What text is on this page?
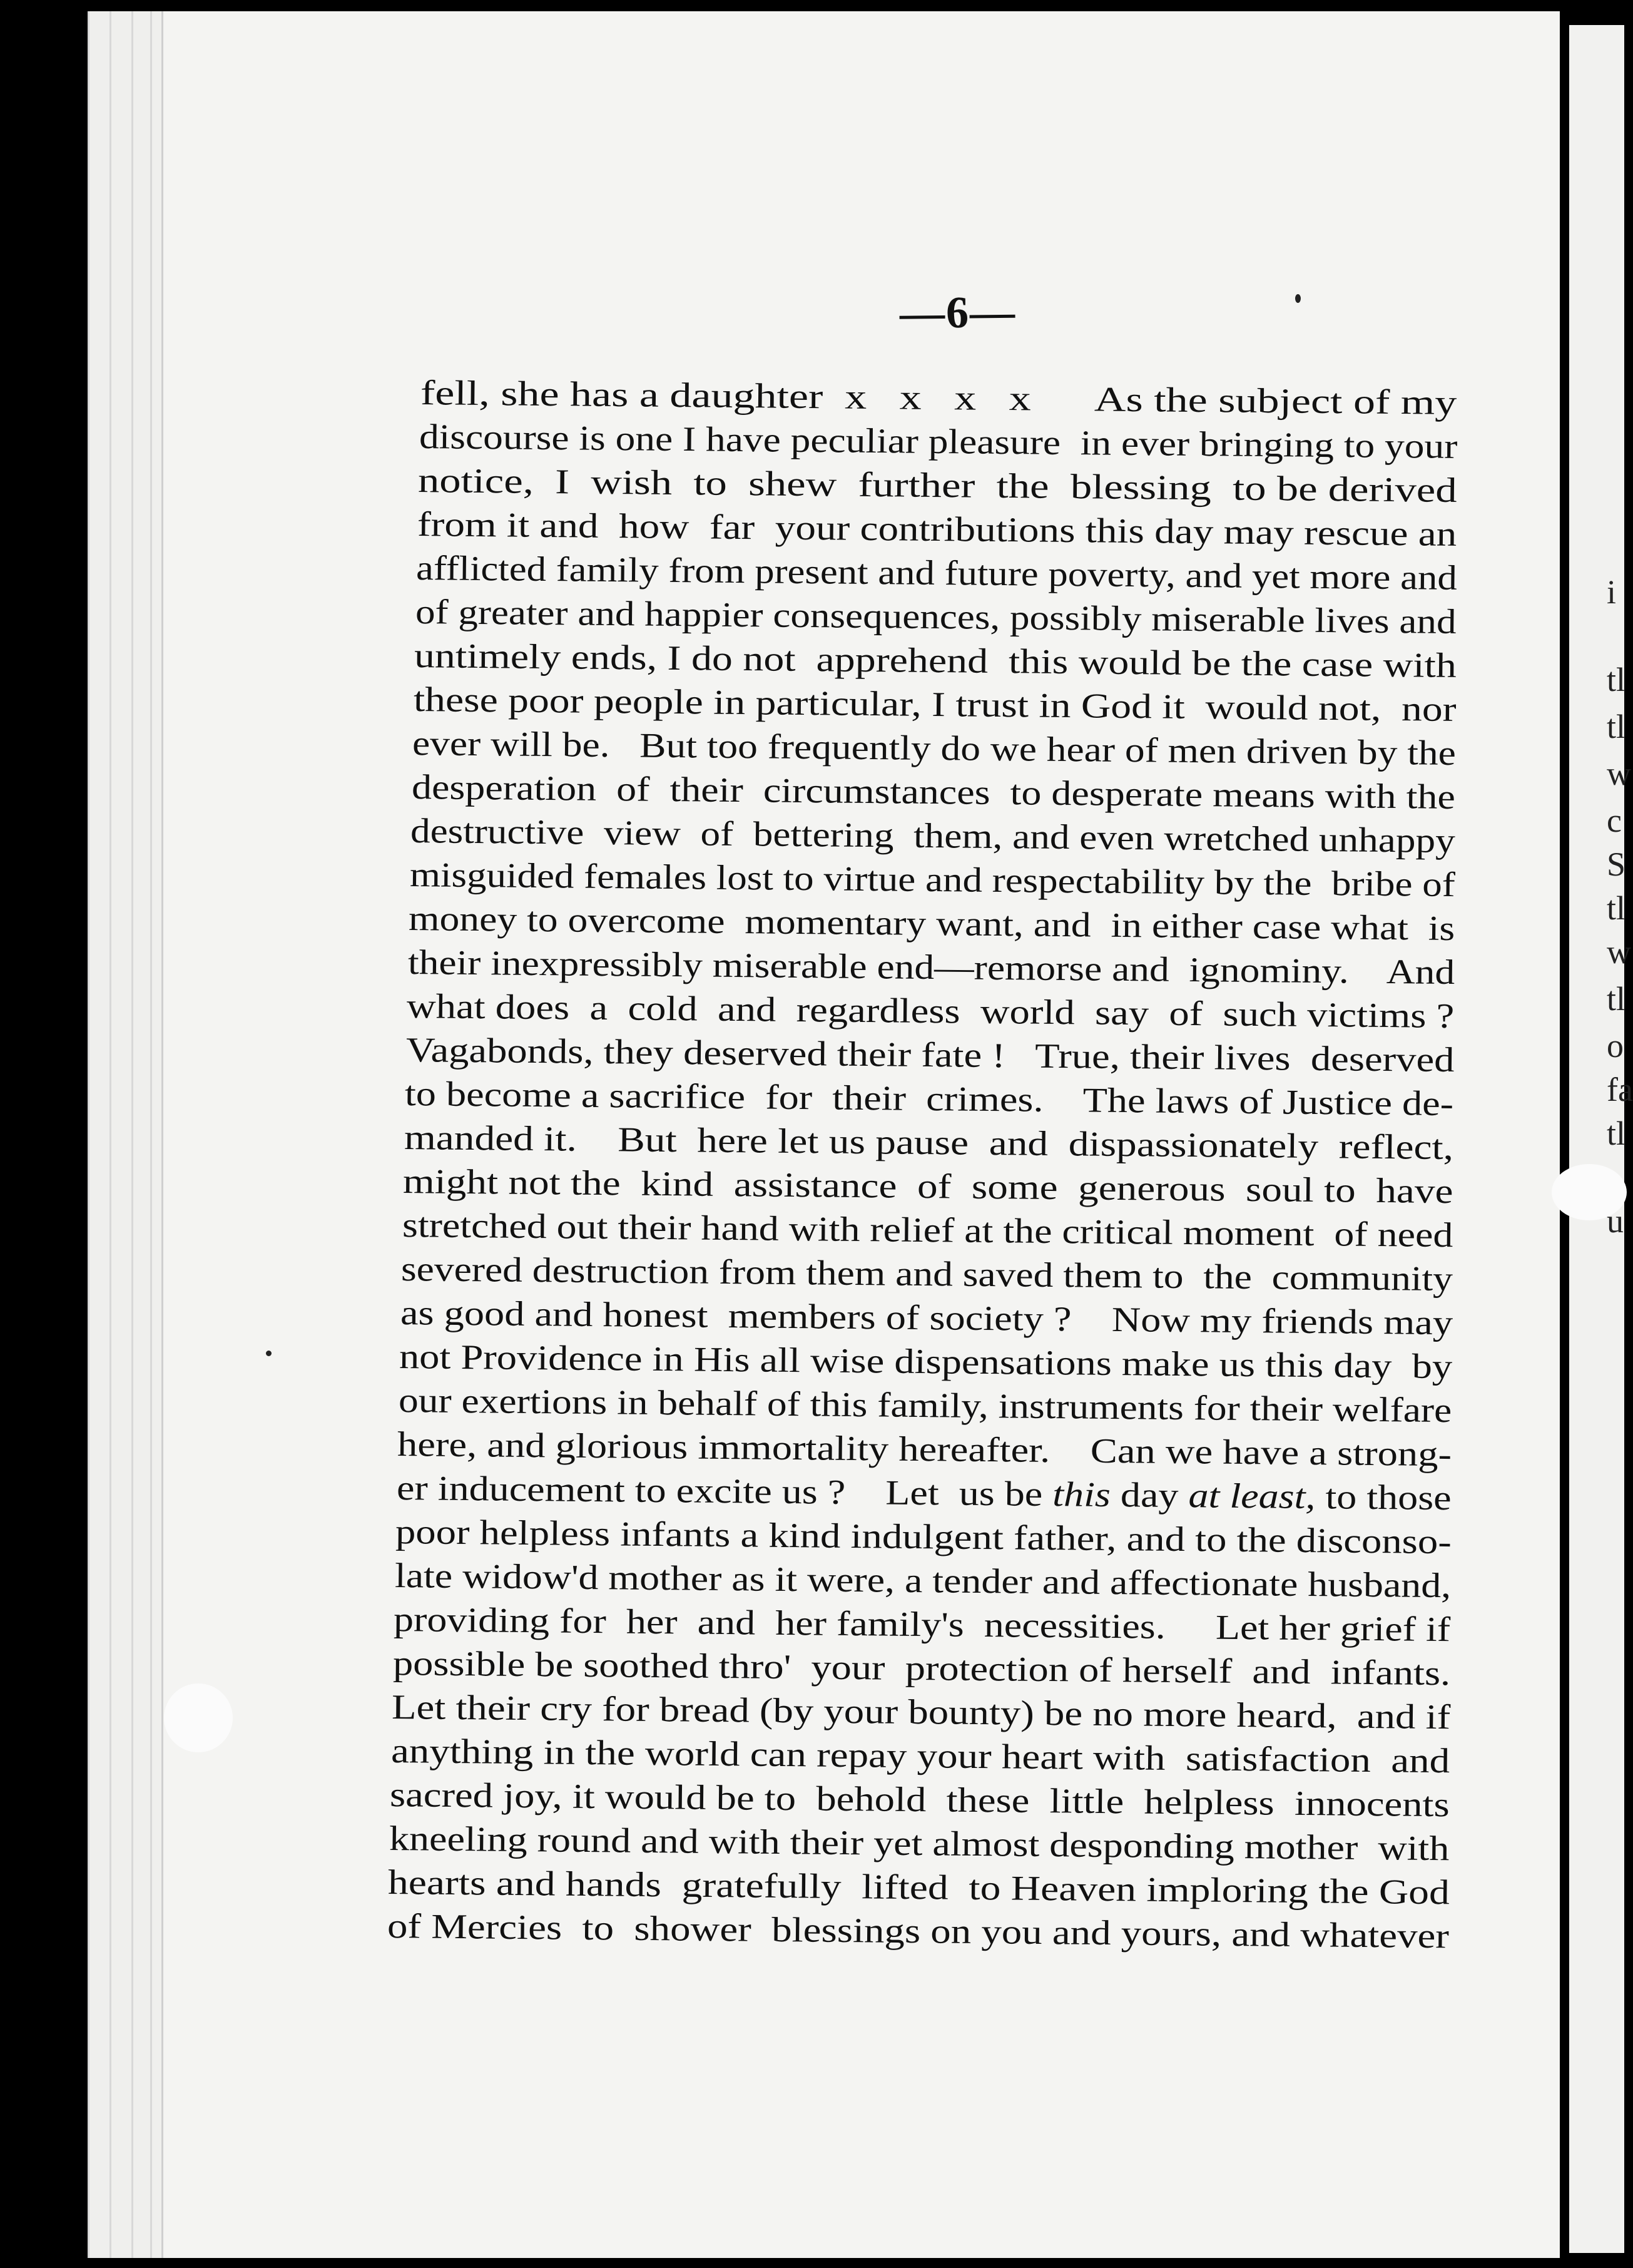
i
tl
tl
w
c
S
tl
w
tl
o
fa
tl
u
—6—
fell, she has a daughter  x   x   x   x      As the subject of my
discourse is one I have peculiar pleasure  in ever bringing to your
notice,  I  wish  to  shew  further  the  blessing  to be derived
from it and  how  far  your contributions this day may rescue an
afflicted family from present and future poverty, and yet more and
of greater and happier consequences, possibly miserable lives and
untimely ends, I do not  apprehend  this would be the case with
these poor people in particular, I trust in God it  would not,  nor
ever will be.   But too frequently do we hear of men driven by the
desperation  of  their  circumstances  to desperate means with the
destructive  view  of  bettering  them, and even wretched unhappy
misguided females lost to virtue and respectability by the  bribe of
money to overcome  momentary want, and  in either case what  is
their inexpressibly miserable end—remorse and  ignominy.    And
what does  a  cold  and  regardless  world  say  of  such victims ?
Vagabonds, they deserved their fate !   True, their lives  deserved
to become a sacrifice  for  their  crimes.    The laws of Justice de-
manded it.    But  here let us pause  and  dispassionately  reflect,
might not the  kind  assistance  of  some  generous  soul to  have
stretched out their hand with relief at the critical moment  of need
severed destruction from them and saved them to  the  community
as good and honest  members of society ?    Now my friends may
not Providence in His all wise dispensations make us this day  by
our exertions in behalf of this family, instruments for their welfare
here, and glorious immortality hereafter.    Can we have a strong-
er inducement to excite us ?    Let  us be this day at least, to those
poor helpless infants a kind indulgent father, and to the disconso-
late widow'd mother as it were, a tender and affectionate husband,
providing for  her  and  her family's  necessities.     Let her grief if
possible be soothed thro'  your  protection of herself  and  infants.
Let their cry for bread (by your bounty) be no more heard,  and if
anything in the world can repay your heart with  satisfaction  and
sacred joy, it would be to  behold  these  little  helpless  innocents
kneeling round and with their yet almost desponding mother  with
hearts and hands  gratefully  lifted  to Heaven imploring the God
of Mercies  to  shower  blessings on you and yours, and whatever
